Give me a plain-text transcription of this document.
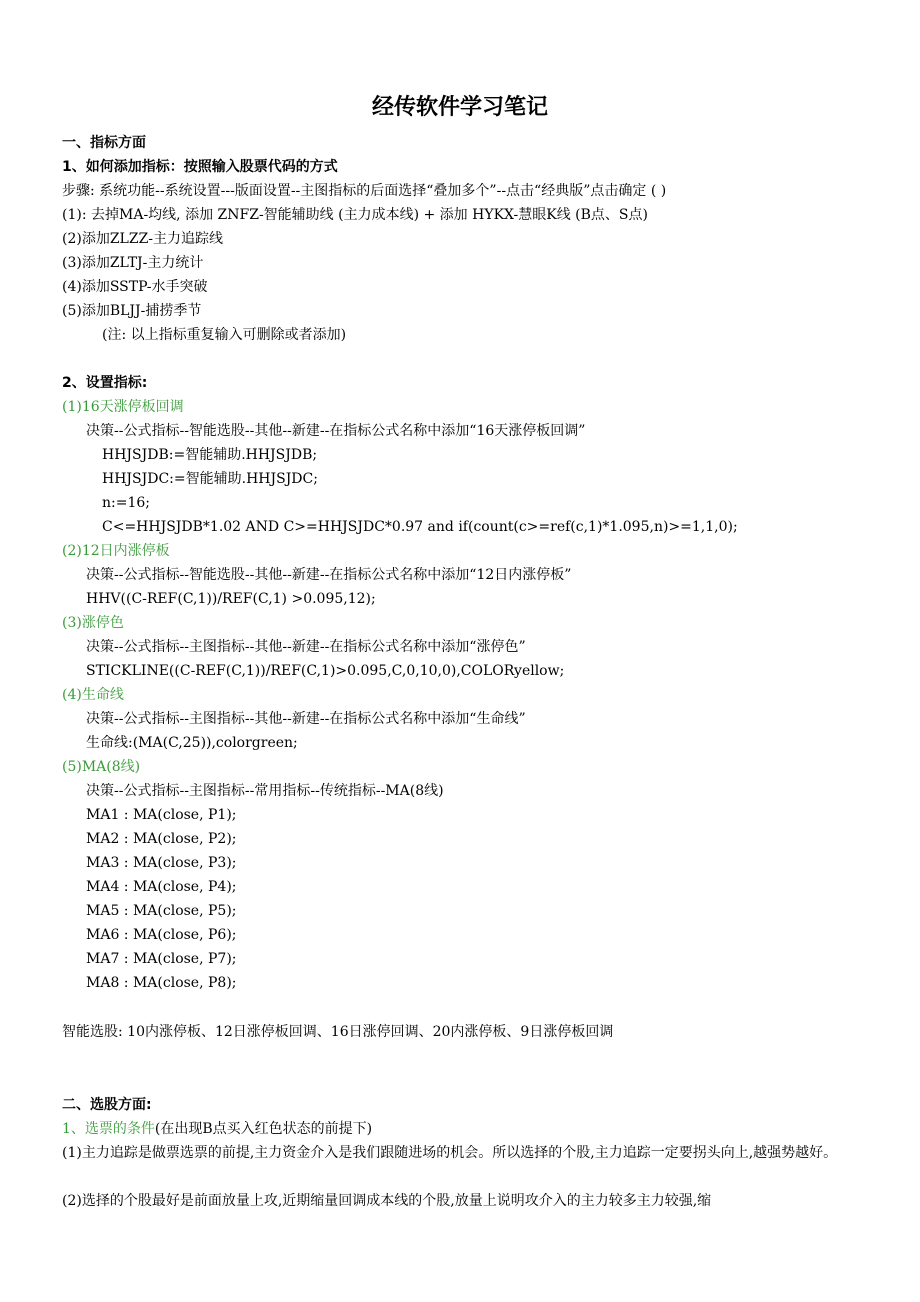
经传软件学习笔记
一、指标方面
1、如何添加指标：按照输入股票代码的方式
步骤: 系统功能--系统设置---版面设置--主图指标的后面选择“叠加多个”--点击“经典版”点击确定 ( )
(1): 去掉MA-均线, 添加 ZNFZ-智能辅助线 (主力成本线) + 添加 HYKX-慧眼K线 (B点、S点)
(2)添加ZLZZ-主力追踪线
(3)添加ZLTJ-主力统计
(4)添加SSTP-水手突破
(5)添加BLJJ-捕捞季节
(注: 以上指标重复输入可删除或者添加)
2、设置指标:
(1)16天涨停板回调
决策--公式指标--智能选股--其他--新建--在指标公式名称中添加“16天涨停板回调”
HHJSJDB:=智能辅助.HHJSJDB;
HHJSJDC:=智能辅助.HHJSJDC;
n:=16;
C<=HHJSJDB*1.02 AND C>=HHJSJDC*0.97 and if(count(c>=ref(c,1)*1.095,n)>=1,1,0);
(2)12日内涨停板
决策--公式指标--智能选股--其他--新建--在指标公式名称中添加“12日内涨停板”
HHV((C-REF(C,1))/REF(C,1) >0.095,12);
(3)涨停色
决策--公式指标--主图指标--其他--新建--在指标公式名称中添加“涨停色”
STICKLINE((C-REF(C,1))/REF(C,1)>0.095,C,0,10,0),COLORyellow;
(4)生命线
决策--公式指标--主图指标--其他--新建--在指标公式名称中添加“生命线”
生命线:(MA(C,25)),colorgreen;
(5)MA(8线)
决策--公式指标--主图指标--常用指标--传统指标--MA(8线)
MA1 : MA(close, P1);
MA2 : MA(close, P2);
MA3 : MA(close, P3);
MA4 : MA(close, P4);
MA5 : MA(close, P5);
MA6 : MA(close, P6);
MA7 : MA(close, P7);
MA8 : MA(close, P8);
智能选股: 10内涨停板、12日涨停板回调、16日涨停回调、20内涨停板、9日涨停板回调
二、选股方面:
1、选票的条件(在出现B点买入红色状态的前提下)
(1)主力追踪是做票选票的前提,主力资金介入是我们跟随进场的机会。所以选择的个股,主力追踪一定要拐头向上,越强势越好。
(2)选择的个股最好是前面放量上攻,近期缩量回调成本线的个股,放量上说明攻介入的主力较多主力较强,缩
